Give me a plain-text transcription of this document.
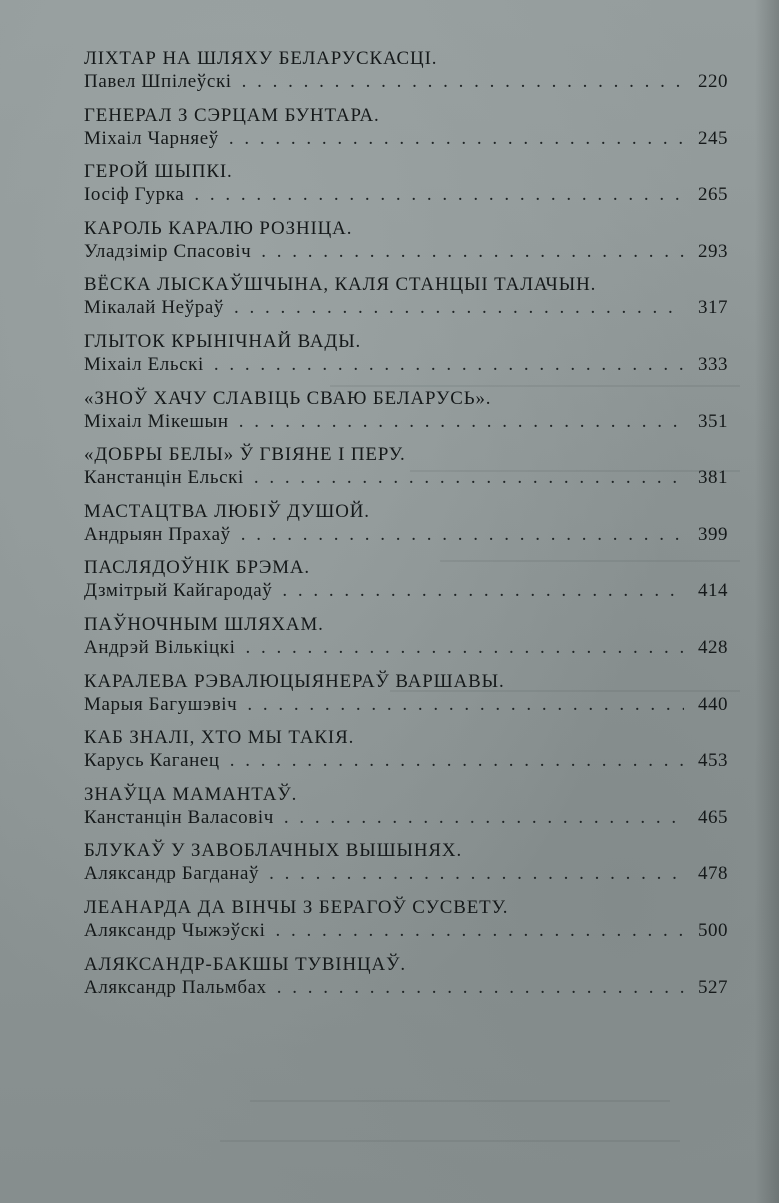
ЛІХТАР НА ШЛЯХУ БЕЛАРУСКАСЦІ.
Павел Шпілеўскі . . .	220
ГЕНЕРАЛ З СЭРЦАМ БУНТАРА.
Міхаіл Чарняеў . . .	245
ГЕРОЙ ШЫПКІ.
Іосіф Гурка . . .	265
КАРОЛЬ КАРАЛЮ РОЗНІЦА.
Уладзімір Спасовіч . . .	293
ВЁСКА ЛЫСКАЎШЧЫНА, КАЛЯ СТАНЦЫІ ТАЛАЧЫН.
Мікалай Неўраў . . .	317
ГЛЫТОК КРЫНІЧНАЙ ВАДЫ.
Міхаіл Ельскі . . .	333
«ЗНОЎ ХАЧУ СЛАВІЦЬ СВАЮ БЕЛАРУСЬ».
Міхаіл Мікешын . . .	351
«ДОБРЫ БЕЛЫ» Ў ГВІЯНЕ І ПЕРУ.
Канстанцін Ельскі . . .	381
МАСТАЦТВА ЛЮБІЎ ДУШОЙ.
Андрыян Прахаў . . .	399
ПАСЛЯДОЎНІК БРЭМА.
Дзмітрый Кайгародаў . . .	414
ПАЎНОЧНЫМ ШЛЯХАМ.
Андрэй Вількіцкі . . .	428
КАРАЛЕВА РЭВАЛЮЦЫЯНЕРАЎ ВАРШАВЫ.
Марыя Багушэвіч . . .	440
КАБ ЗНАЛІ, ХТО МЫ ТАКІЯ.
Карусь Каганец . . .	453
ЗНАЎЦА МАМАНТАЎ.
Канстанцін Валасовіч . . .	465
БЛУКАЎ У ЗАВОБЛАЧНЫХ ВЫШЫНЯХ.
Аляксандр Багданаў . . .	478
ЛЕАНАРДА ДА ВІНЧЫ З БЕРАГОЎ СУСВЕТУ.
Аляксандр Чыжэўскі . . .	500
АЛЯКСАНДР-БАКШЫ ТУВІНЦАЎ.
Аляксандр Пальмбах . . .	527
